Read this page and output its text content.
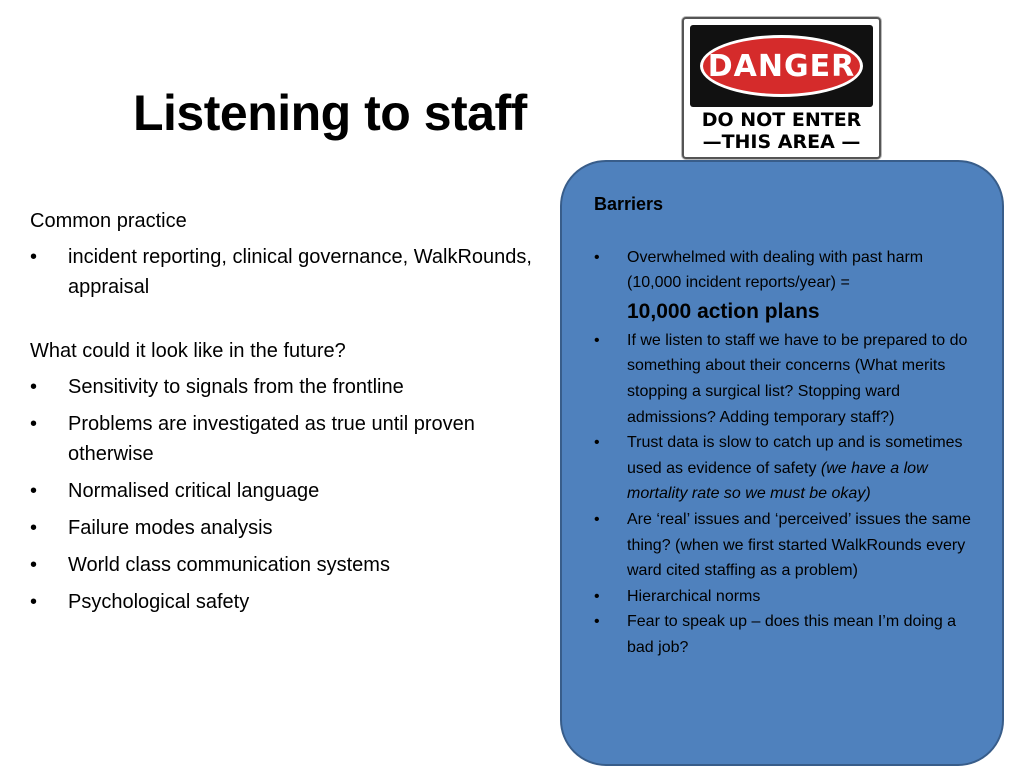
Listening to staff
DANGER
DO NOT ENTER
—THIS AREA —

Common practice

• incident reporting, clinical governance, WalkRounds, appraisal

What could it look like in the future?

• Sensitivity to signals from the frontline
• Problems are investigated as true until proven otherwise
• Normalised critical language
• Failure modes analysis
• World class communication systems
• Psychological safety

Barriers

• Overwhelmed with dealing with past harm (10,000 incident reports/year) =
10,000 action plans
• If we listen to staff we have to be prepared to do something about their concerns (What merits stopping a surgical list? Stopping ward admissions? Adding temporary staff?)
• Trust data is slow to catch up and is sometimes used as evidence of safety (we have a low mortality rate so we must be okay)
• Are ‘real’ issues and ‘perceived’ issues the same thing? (when we first started WalkRounds every ward cited staffing as a problem)
• Hierarchical norms
• Fear to speak up – does this mean I’m doing a bad job?
